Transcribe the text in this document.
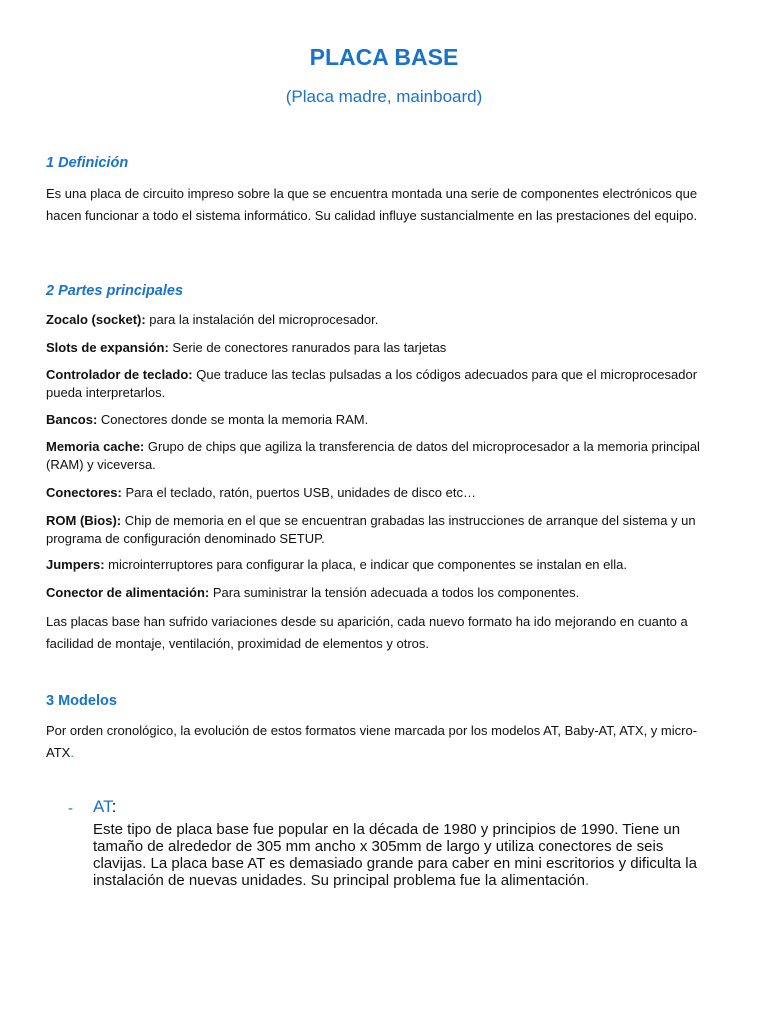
PLACA BASE
(Placa madre, mainboard)
1 Definición
Es una placa de circuito impreso sobre la que se encuentra montada una serie de componentes electrónicos que hacen funcionar a todo el sistema informático. Su calidad influye sustancialmente en las prestaciones del equipo.
2 Partes principales
Zocalo (socket): para la instalación del microprocesador.
Slots de expansión: Serie de conectores ranurados para las tarjetas
Controlador de teclado: Que traduce las teclas pulsadas a los códigos adecuados para que el microprocesador pueda interpretarlos.
Bancos: Conectores donde se monta la memoria RAM.
Memoria cache: Grupo de chips que agiliza la transferencia de datos del microprocesador a la memoria principal (RAM) y viceversa.
Conectores: Para el teclado, ratón, puertos USB, unidades de disco etc…
ROM (Bios): Chip de memoria en el que se encuentran grabadas las instrucciones de arranque del sistema y un programa de configuración denominado SETUP.
Jumpers: microinterruptores para configurar la placa, e indicar que componentes se instalan en ella.
Conector de alimentación: Para suministrar la tensión adecuada a todos los componentes.
Las placas base han sufrido variaciones desde su aparición, cada nuevo formato ha ido mejorando en cuanto a facilidad de montaje, ventilación, proximidad de elementos y otros.
3 Modelos
Por orden cronológico, la evolución de estos formatos viene marcada por los modelos AT, Baby-AT, ATX, y micro-ATX.
- AT:
Este tipo de placa base fue popular en la década de 1980 y principios de 1990. Tiene un tamaño de alrededor de 305 mm ancho x 305mm de largo y utiliza conectores de seis clavijas. La placa base AT es demasiado grande para caber en mini escritorios y dificulta la instalación de nuevas unidades. Su principal problema fue la alimentación.
